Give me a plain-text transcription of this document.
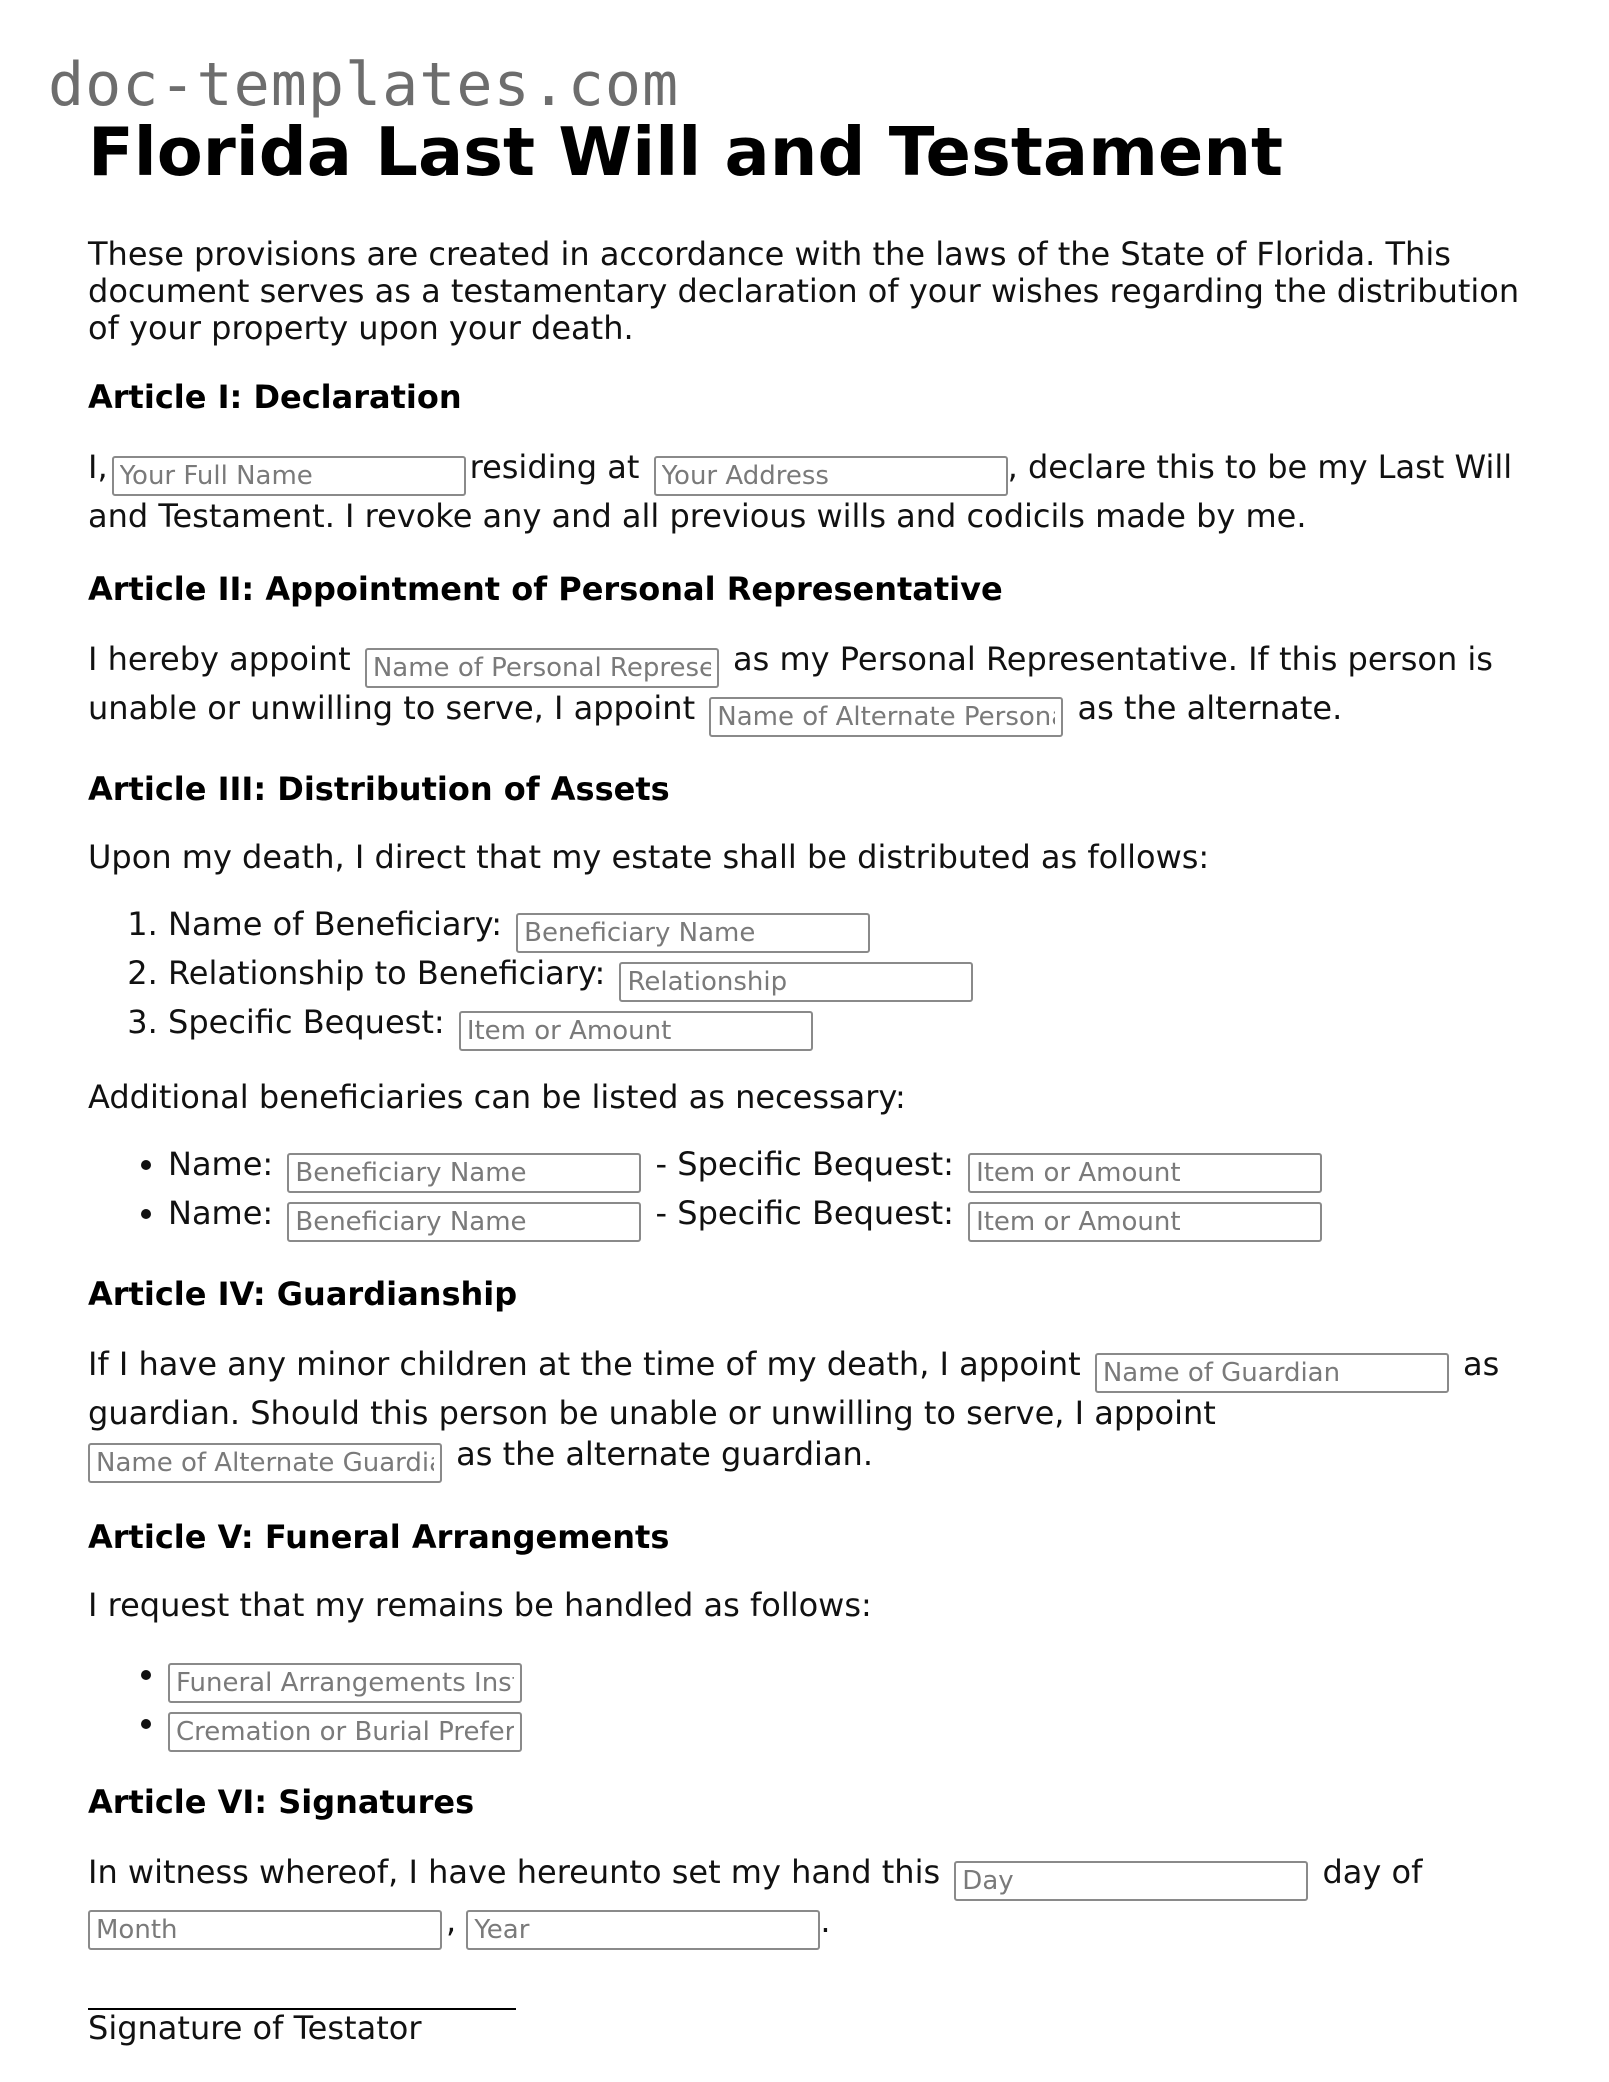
doc-templates.com
Florida Last Will and Testament

These provisions are created in accordance with the laws of the State of Florida. This document serves as a testamentary declaration of your wishes regarding the distribution of your property upon your death.

Article I: Declaration

I,Your Full Name	residing at Your Address	, declare this to be my Last Will and Testament. I revoke any and all previous wills and codicils made by me.

Article II: Appointment of Personal Representative

I hereby appoint Name of Personal Representative	as my Personal Representative. If this person is unable or unwilling to serve, I appoint Name of Alternate Personal Representative	as the alternate.

Article III: Distribution of Assets

Upon my death, I direct that my estate shall be distributed as follows:

1. Name of Beneficiary: Beneficiary Name
2. Relationship to Beneficiary: Relationship
3. Specific Bequest: Item or Amount

Additional beneficiaries can be listed as necessary:

• Name: Beneficiary Name	- Specific Bequest: Item or Amount
• Name: Beneficiary Name	- Specific Bequest: Item or Amount
Article IV: Guardianship

If I have any minor children at the time of my death, I appoint Name of Guardian	as guardian. Should this person be unable or unwilling to serve, I appoint Name of Alternate Guardian as the alternate guardian.

Article V: Funeral Arrangements

I request that my remains be handled as follows:

• Funeral Arrangements Instructions
• Cremation or Burial Preference
Article VI: Signatures

In witness whereof, I have hereunto set my hand this Day	day of Month, Year	.

Signature of Testator
